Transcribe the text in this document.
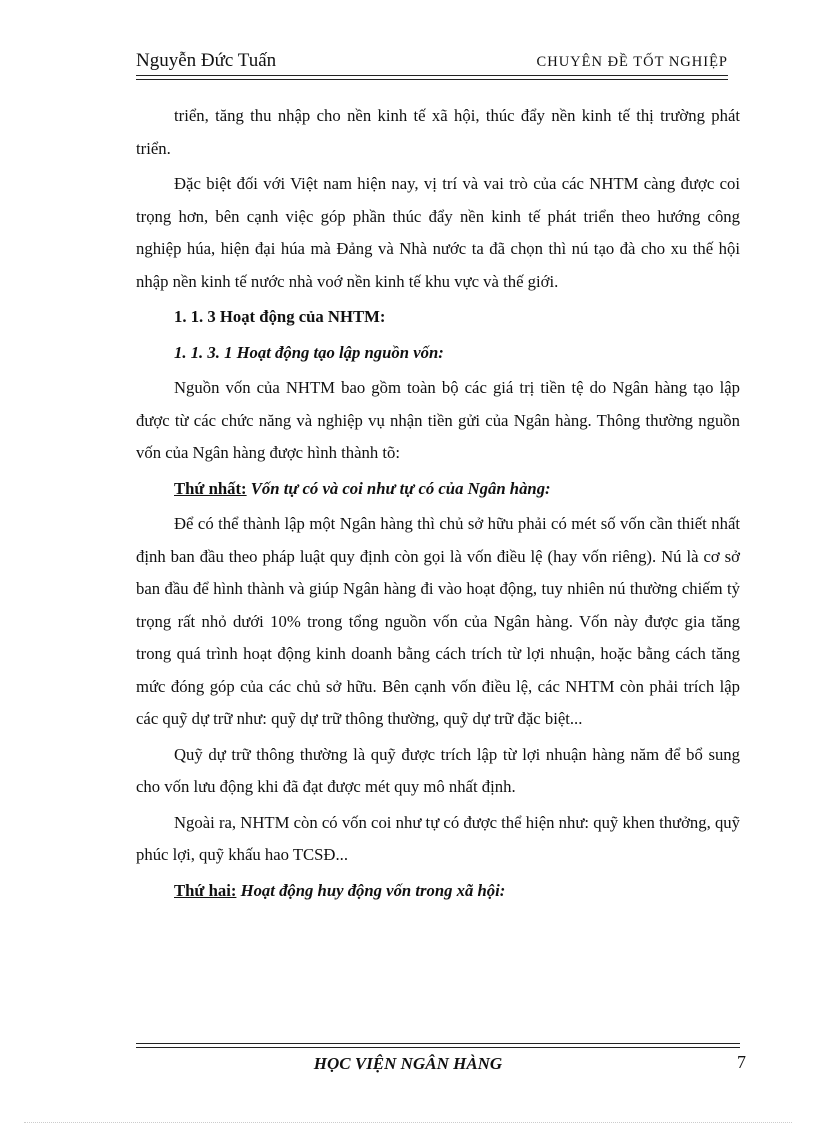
Nguyễn Đức Tuấn	CHUYÊN ĐỀ TỐT NGHIỆP

triển, tăng thu nhập cho nền kinh tế xã hội, thúc đẩy nền kinh tế thị trường phát triển.

Đặc biệt đối với Việt nam hiện nay, vị trí và vai trò của các NHTM càng được coi trọng hơn, bên cạnh việc góp phần thúc đẩy nền kinh tế phát triển theo hướng công nghiệp húa, hiện đại húa mà Đảng và Nhà nước ta đã chọn thì nú tạo đà cho xu thế hội nhập nền kinh tế nước nhà voớ nền kinh tế khu vực và thế giới.

1. 1. 3 Hoạt động của NHTM:
1. 1. 3. 1 Hoạt động tạo lập nguồn vốn:

Nguồn vốn của NHTM bao gồm toàn bộ các giá trị tiền tệ do Ngân hàng tạo lập được từ các chức năng và nghiệp vụ nhận tiền gửi của Ngân hàng. Thông thường nguồn vốn của Ngân hàng được hình thành tõ:

Thứ nhất: Vốn tự có và coi như tự có của Ngân hàng:

Để có thể thành lập một Ngân hàng thì chủ sở hữu phải có mét số vốn cần thiết nhất định ban đầu theo pháp luật quy định còn gọi là vốn điều lệ (hay vốn riêng). Nú là cơ sở ban đầu để hình thành và giúp Ngân hàng đi vào hoạt động, tuy nhiên nú thường chiếm tỷ trọng rất nhỏ dưới 10% trong tổng nguồn vốn của Ngân hàng. Vốn này được gia tăng trong quá trình hoạt động kinh doanh bằng cách trích từ lợi nhuận, hoặc bằng cách tăng mức đóng góp của các chủ sở hữu. Bên cạnh vốn điều lệ, các NHTM còn phải trích lập các quỹ dự trữ như: quỹ dự trữ thông thường, quỹ dự trữ đặc biệt...

Quỹ dự trữ thông thường là quỹ được trích lập từ lợi nhuận hàng năm để bổ sung cho vốn lưu động khi đã đạt được mét quy mô nhất định.

Ngoài ra, NHTM còn có vốn coi như tự có được thể hiện như: quỹ khen thưởng, quỹ phúc lợi, quỹ khấu hao TCSĐ...

Thứ hai: Hoạt động huy động vốn trong xã hội:
HỌC VIỆN NGÂN HÀNG	7
